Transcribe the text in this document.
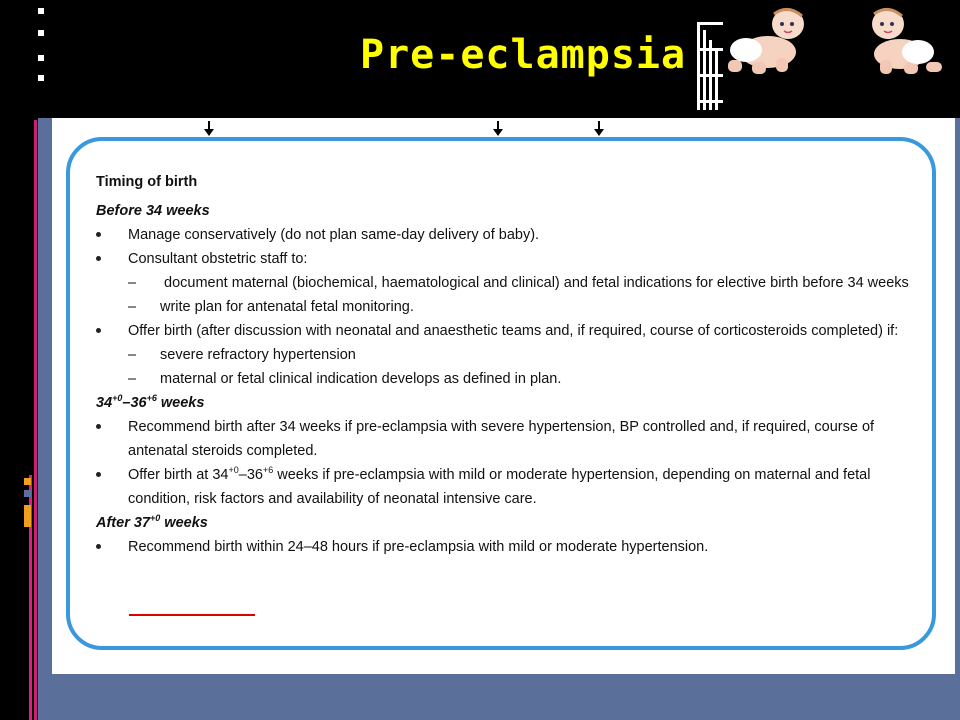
Pre-eclampsia
Timing of birth
Before 34 weeks
Manage conservatively (do not plan same-day delivery of baby).
Consultant obstetric staff to:
–	document maternal (biochemical, haematological and clinical) and fetal indications for elective birth before 34 weeks
–	write plan for antenatal fetal monitoring.
Offer birth (after discussion with neonatal and anaesthetic teams and, if required, course of corticosteroids completed) if:
–	severe refractory hypertension
–	maternal or fetal clinical indication develops as defined in plan.
$34^{+0}-36^{+6}$ weeks
Recommend birth after 34 weeks if pre-eclampsia with severe hypertension, BP controlled and, if required, course of antenatal steroids completed.
Offer birth at $34^{+0}-36^{+6}$ weeks if pre-eclampsia with mild or moderate hypertension, depending on maternal and fetal condition, risk factors and availability of neonatal intensive care.
After $37^{+0}$ weeks
Recommend birth within 24–48 hours if pre-eclampsia with mild or moderate hypertension.
